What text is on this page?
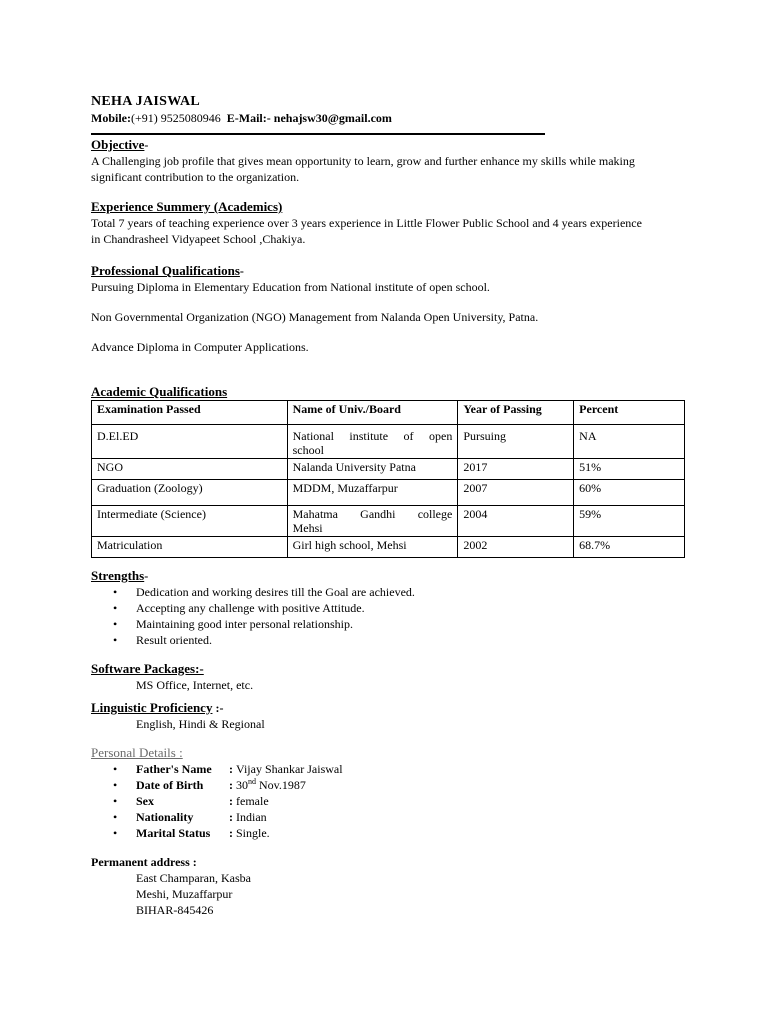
NEHA JAISWAL
Mobile:(+91) 9525080946 E-Mail:- nehajsw30@gmail.com
Objective-
A Challenging job profile that gives mean opportunity to learn, grow and further enhance my skills while making
significant contribution to the organization.
Experience Summery (Academics)
Total 7 years of teaching experience over 3 years experience in Little Flower Public School and 4 years experience
in Chandrasheel Vidyapeet School ,Chakiya.
Professional Qualifications-
Pursuing Diploma in Elementary Education from National institute of open school.
Non Governmental Organization (NGO) Management from Nalanda Open University, Patna.
Advance Diploma in Computer Applications.
Academic Qualifications
Examination Passed	Name of Univ./Board	Year of Passing	Percent
D.El.ED	National institute of open
school	Pursuing	NA
NGO	Nalanda University Patna	2017	51%
Graduation (Zoology)	MDDM, Muzaffarpur	2007	60%
Intermediate (Science)	Mahatma Gandhi college
Mehsi	2004	59%
Matriculation	Girl high school, Mehsi	2002	68.7%
Strengths-
• Dedication and working desires till the Goal are achieved.
• Accepting any challenge with positive Attitude.
• Maintaining good inter personal relationship.
• Result oriented.
Software Packages:-
MS Office, Internet, etc.
Linguistic Proficiency :-
English, Hindi & Regional
Personal Details :
• Father's Name : Vijay Shankar Jaiswal
• Date of Birth : 30nd Nov.1987
• Sex	: female
• Nationality	: Indian
• Marital Status : Single.
Permanent address :
East Champaran, Kasba
Meshi, Muzaffarpur
BIHAR-845426
